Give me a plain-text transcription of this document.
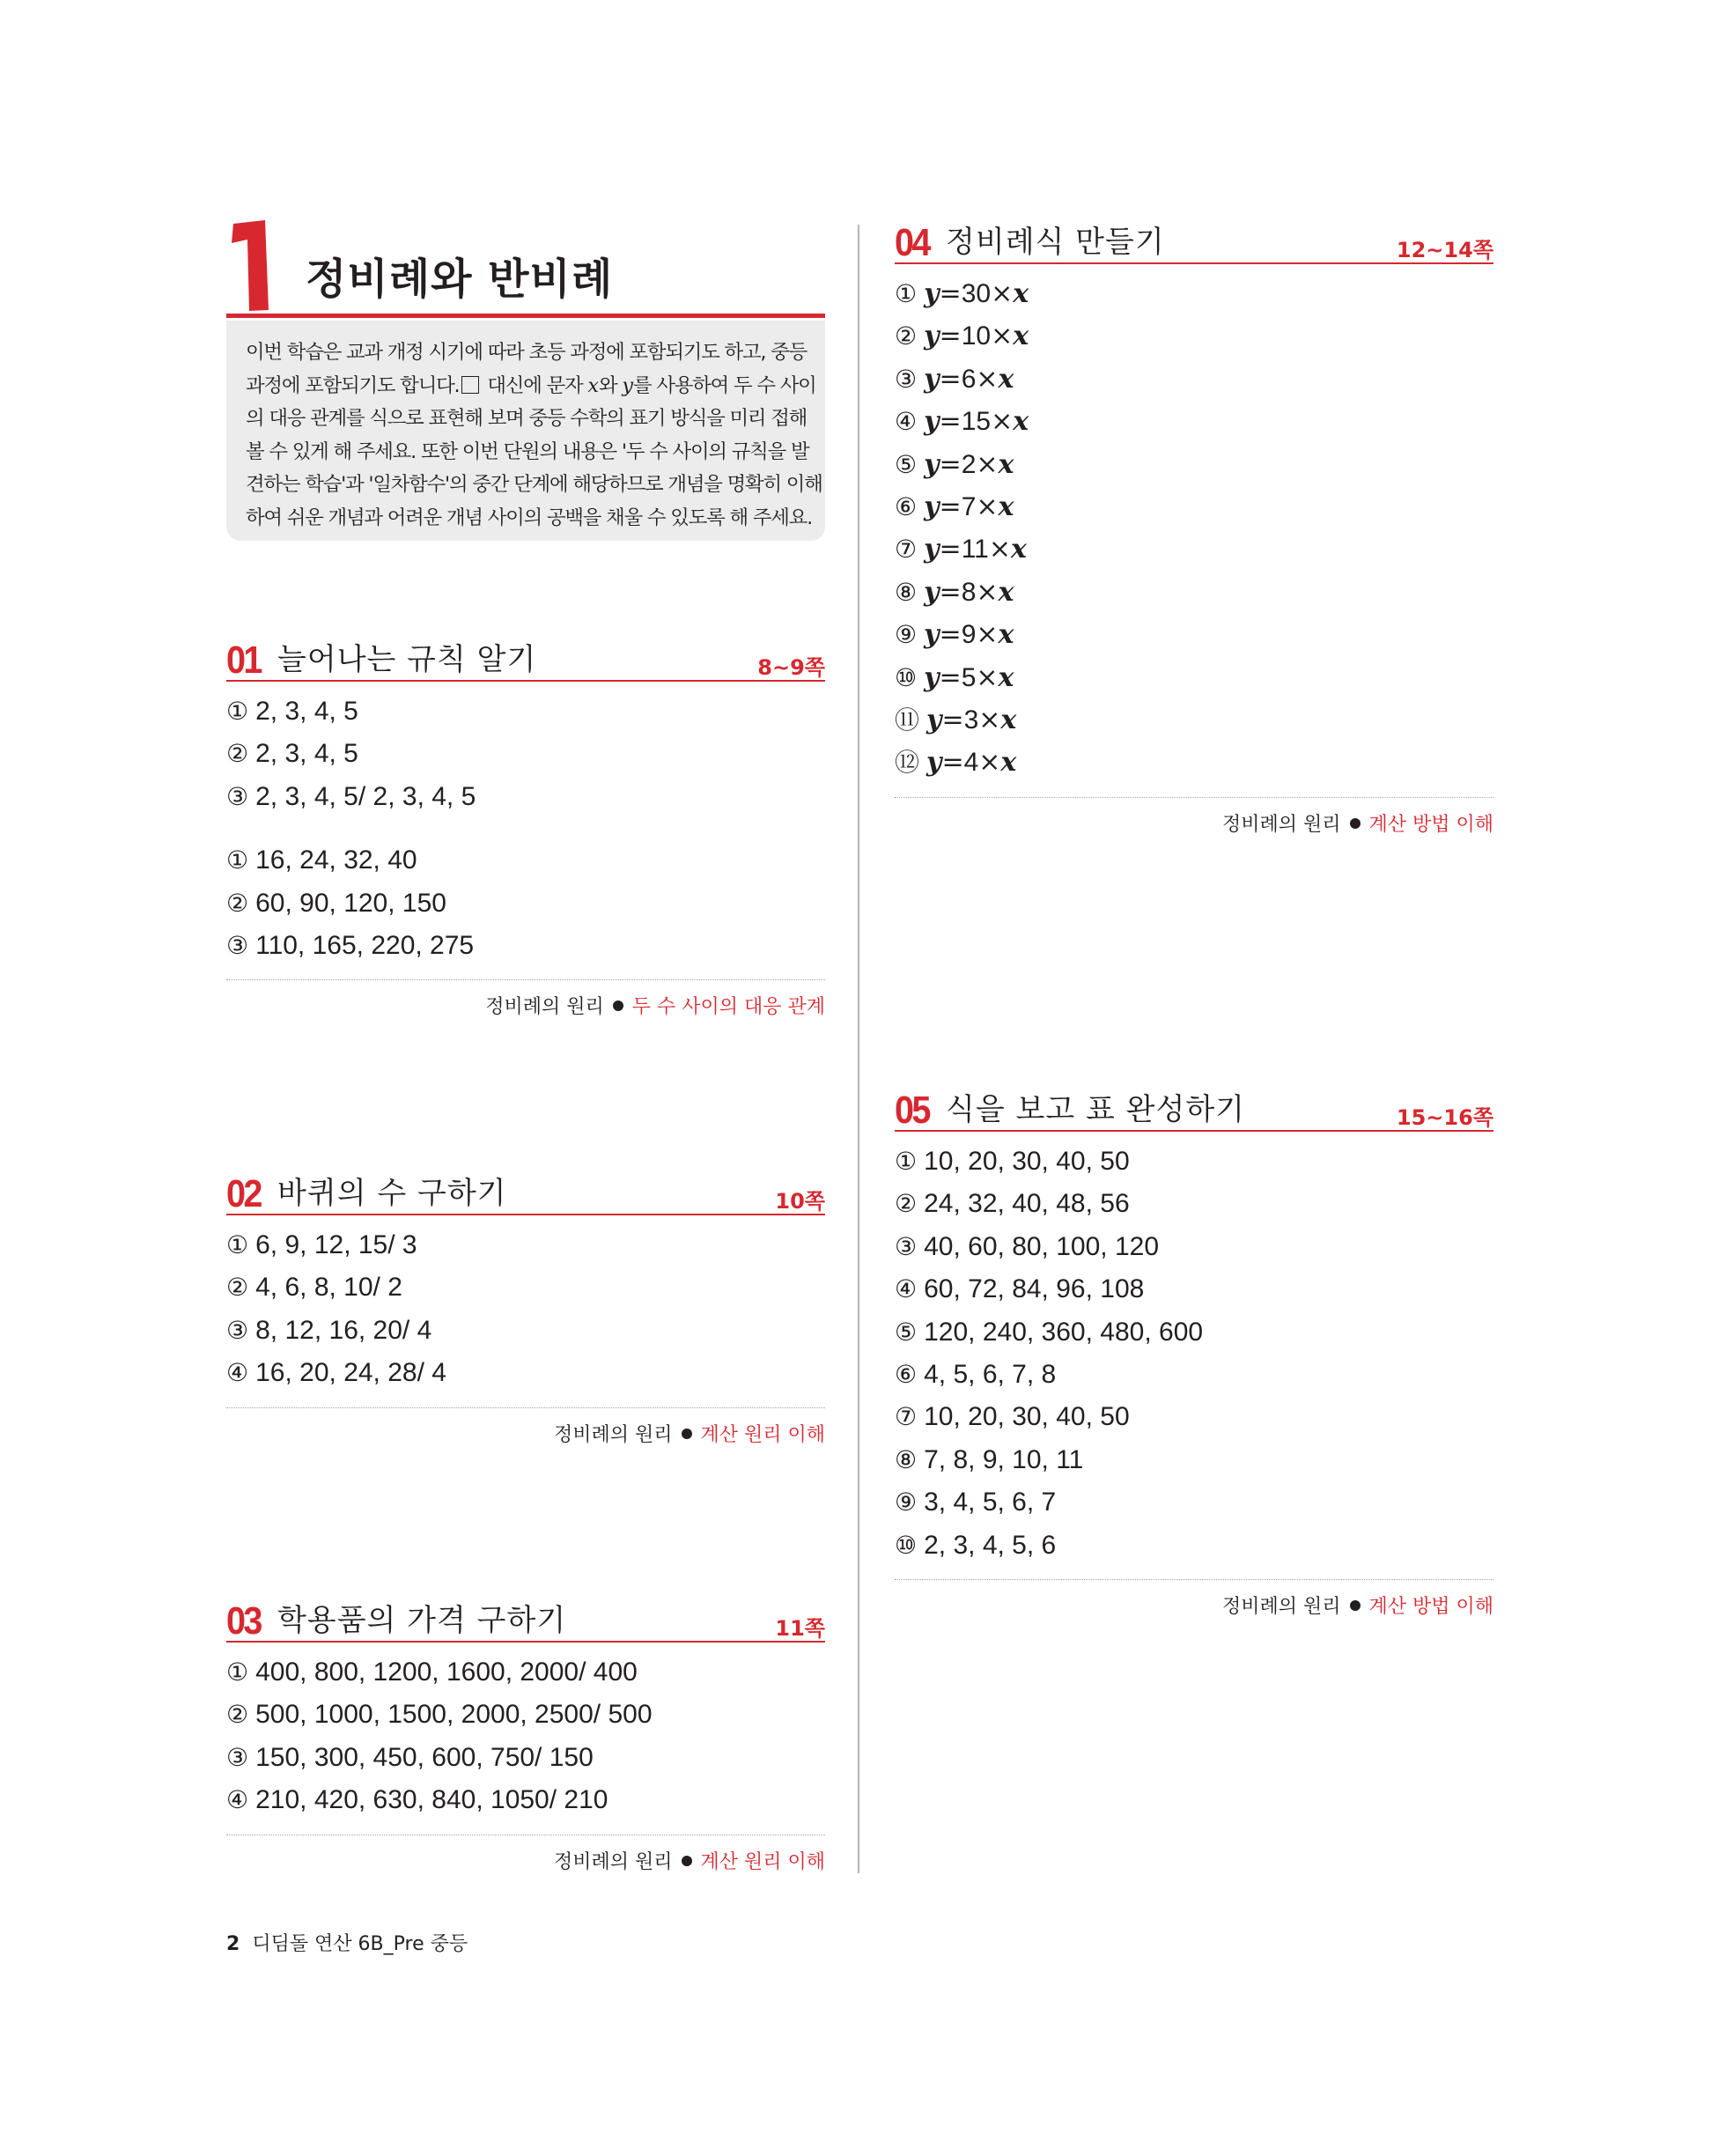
정비례와 반비례
이번 학습은 교과 개정 시기에 따라 초등 과정에 포함되기도 하고, 중등
과정에 포함되기도 합니다. 대신에 문자 x와 y를 사용하여 두 수 사이
의 대응 관계를 식으로 표현해 보며 중등 수학의 표기 방식을 미리 접해
볼 수 있게 해 주세요. 또한 이번 단원의 내용은 '두 수 사이의 규칙을 발
견하는 학습'과 '일차함수'의 중간 단계에 해당하므로 개념을 명확히 이해
하여 쉬운 개념과 어려운 개념 사이의 공백을 채울 수 있도록 해 주세요.
01 늘어나는 규칙 알기	8~9쪽
① 2, 3, 4, 5
② 2, 3, 4, 5
③ 2, 3, 4, 5/ 2, 3, 4, 5
① 16, 24, 32, 40
② 60, 90, 120, 150
③ 110, 165, 220, 275
정비례의 원리 두 수 사이의 대응 관계
02 바퀴의 수 구하기	10쪽
① 6, 9, 12, 15/ 3
② 4, 6, 8, 10/ 2
③ 8, 12, 16, 20/ 4
④ 16, 20, 24, 28/ 4
정비례의 원리 계산 원리 이해
03 학용품의 가격 구하기	11쪽
① 400, 800, 1200, 1600, 2000/ 400
② 500, 1000, 1500, 2000, 2500/ 500
③ 150, 300, 450, 600, 750/ 150
④ 210, 420, 630, 840, 1050/ 210
정비례의 원리 계산 원리 이해
04 정비례식 만들기	12~14쪽
① y=30×x
② y=10×x
③ y=6×x
④ y=15×x
⑤ y=2×x
⑥ y=7×x
⑦ y=11×x
⑧ y=8×x
⑨ y=9×x
⑩ y=5×x
⑪ y=3×x
⑫ y=4×x
정비례의 원리 계산 방법 이해
05 식을 보고 표 완성하기	15~16쪽
① 10, 20, 30, 40, 50
② 24, 32, 40, 48, 56
③ 40, 60, 80, 100, 120
④ 60, 72, 84, 96, 108
⑤ 120, 240, 360, 480, 600
⑥ 4, 5, 6, 7, 8
⑦ 10, 20, 30, 40, 50
⑧ 7, 8, 9, 10, 11
⑨ 3, 4, 5, 6, 7
⑩ 2, 3, 4, 5, 6
정비례의 원리 계산 방법 이해
2 디딤돌 연산 6B_Pre 중등
